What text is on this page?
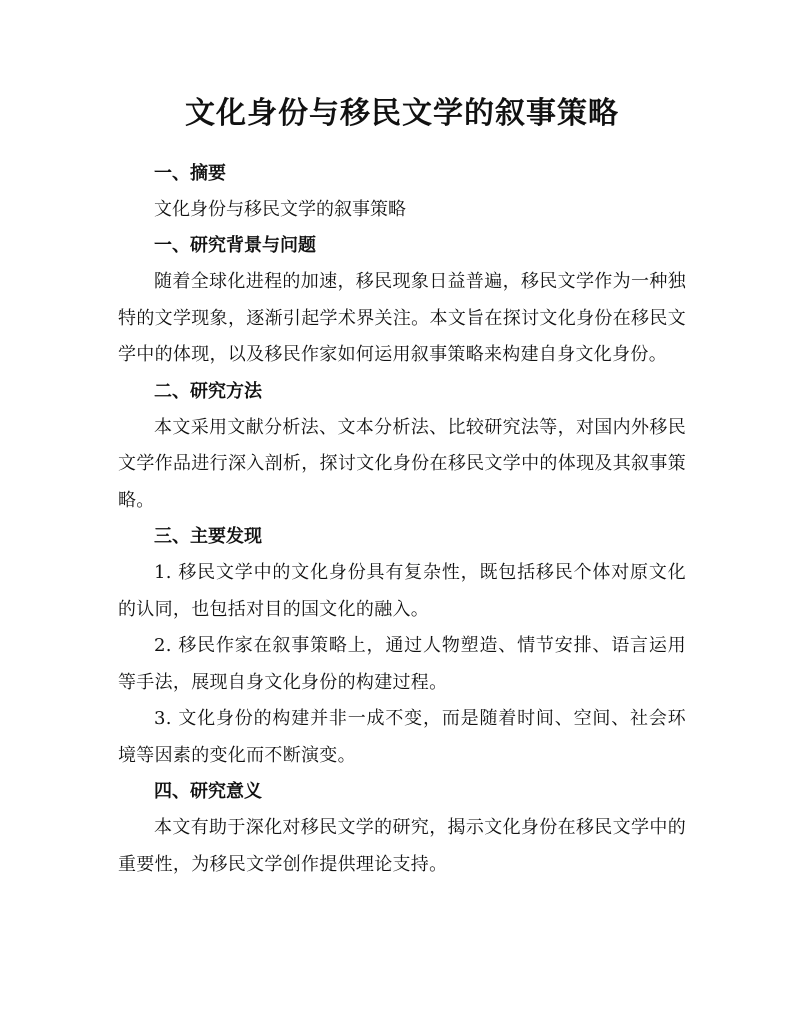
文化身份与移民文学的叙事策略

一、摘要

文化身份与移民文学的叙事策略

一、研究背景与问题

随着全球化进程的加速，移民现象日益普遍，移民文学作为一种独特的文学现象，逐渐引起学术界关注。本文旨在探讨文化身份在移民文学中的体现，以及移民作家如何运用叙事策略来构建自身文化身份。

二、研究方法

本文采用文献分析法、文本分析法、比较研究法等，对国内外移民文学作品进行深入剖析，探讨文化身份在移民文学中的体现及其叙事策略。

三、主要发现

1. 移民文学中的文化身份具有复杂性，既包括移民个体对原文化的认同，也包括对目的国文化的融入。

2. 移民作家在叙事策略上，通过人物塑造、情节安排、语言运用等手法，展现自身文化身份的构建过程。

3. 文化身份的构建并非一成不变，而是随着时间、空间、社会环境等因素的变化而不断演变。

四、研究意义

本文有助于深化对移民文学的研究，揭示文化身份在移民文学中的重要性，为移民文学创作提供理论支持。
